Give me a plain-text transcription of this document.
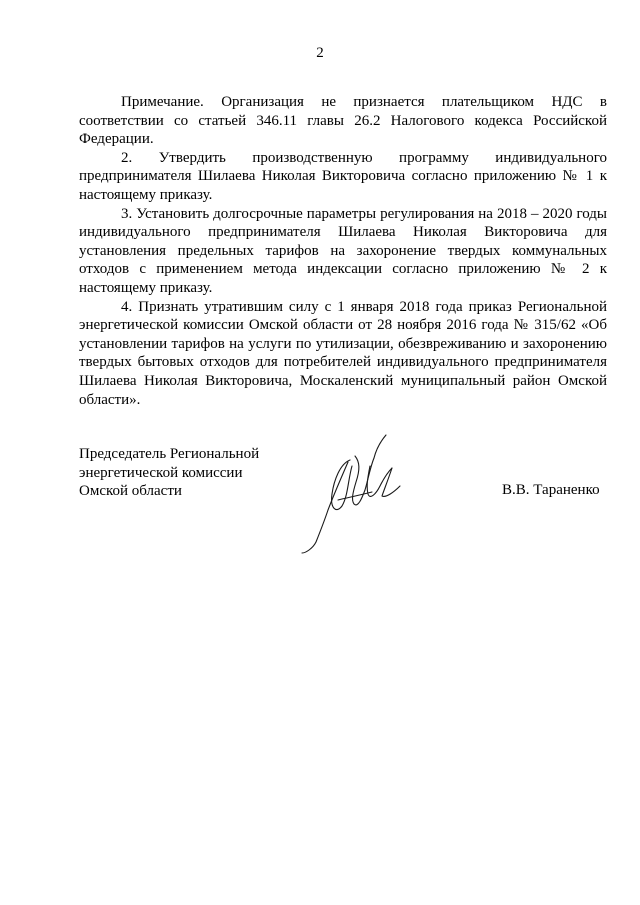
2

Примечание. Организация не признается плательщиком НДС в соответствии со статьей 346.11 главы 26.2 Налогового кодекса Российской Федерации.

2. Утвердить производственную программу индивидуального предпринимателя Шилаева Николая Викторовича согласно приложению № 1 к настоящему приказу.

3. Установить долгосрочные параметры регулирования на 2018 – 2020 годы индивидуального предпринимателя Шилаева Николая Викторовича для установления предельных тарифов на захоронение твердых коммунальных отходов с применением метода индексации согласно приложению № 2 к настоящему приказу.

4. Признать утратившим силу с 1 января 2018 года приказ Региональной энергетической комиссии Омской области от 28 ноября 2016 года № 315/62 «Об установлении тарифов на услуги по утилизации, обезвреживанию и захоронению твердых бытовых отходов для потребителей индивидуального предпринимателя Шилаева Николая Викторовича, Москаленский муниципальный район Омской области».

Председатель Региональной
энергетической комиссии
Омской области	В.В. Тараненко
